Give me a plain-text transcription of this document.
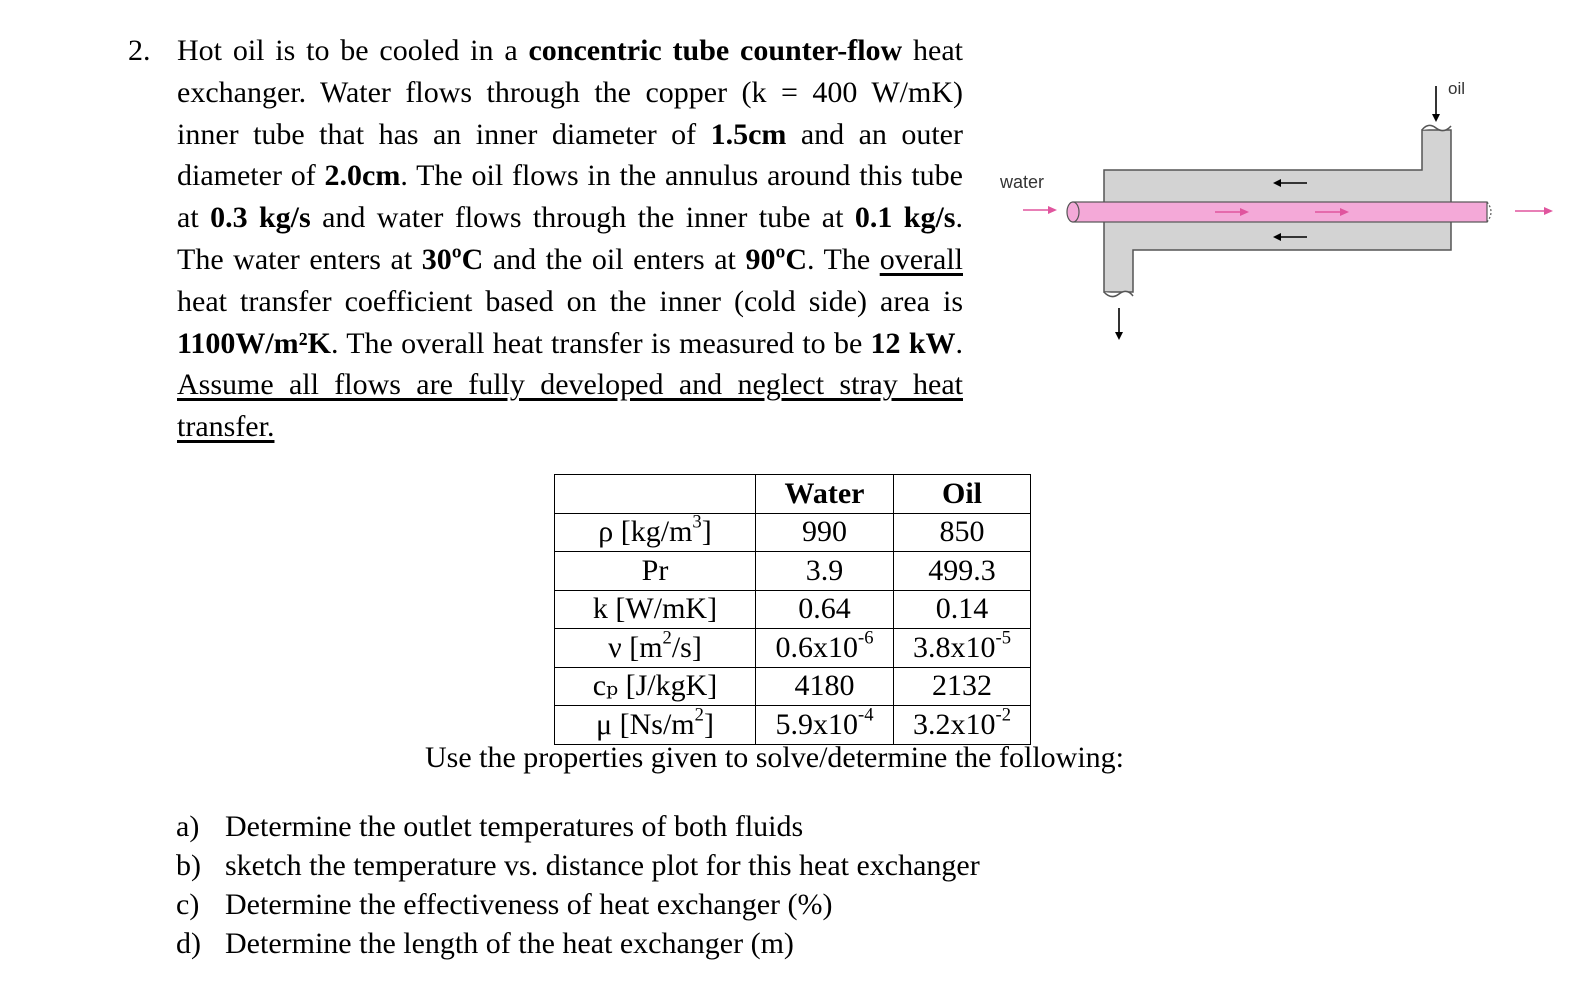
2. Hot oil is to be cooled in a concentric tube counter-flow heat exchanger. Water flows through the copper (k = 400 W/mK) inner tube that has an inner diameter of 1.5cm and an outer diameter of 2.0cm. The oil flows in the annulus around this tube at 0.3 kg/s and water flows through the inner tube at 0.1 kg/s. The water enters at 30ºC and the oil enters at 90ºC. The overall heat transfer coefficient based on the inner (cold side) area is 1100W/m²K. The overall heat transfer is measured to be 12 kW. Assume all flows are fully developed and neglect stray heat transfer.
oil
water
	Water	Oil
ρ $[kg/m^3]$	990	850
Pr	3.9	499.3
k [W/mK]	0.64	0.14
ν $[m^2/s]$	$0.6x10^{-6}$	$3.8x10^{-5}$
cₚ [J/kgK]	4180	2132
μ $[Ns/m^2]$	$5.9x10^{-4}$	$3.2x10^{-2}$
Use the properties given to solve/determine the following:
a) Determine the outlet temperatures of both fluids
b) sketch the temperature vs. distance plot for this heat exchanger
c) Determine the effectiveness of heat exchanger (%)
d) Determine the length of the heat exchanger (m)
